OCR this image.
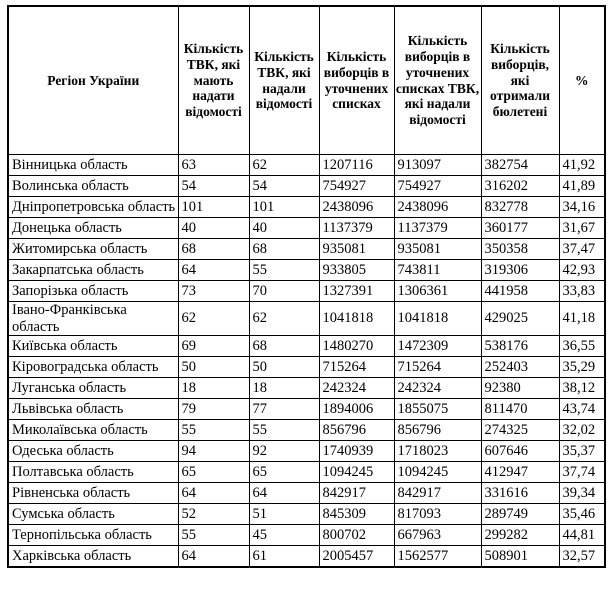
Регіон України	Кількість ТВК, які мають надати відомості	Кількість ТВК, які надали відомості	Кількість виборців в уточнених списках	Кількість виборців в уточнених списках ТВК, які надали відомості	Кількість виборців, які отримали бюлетені	%
Вінницька область	63	62	1207116	913097	382754	41,92
Волинська область	54	54	754927	754927	316202	41,89
Дніпропетровська область	101	101	2438096	2438096	832778	34,16
Донецька область	40	40	1137379	1137379	360177	31,67
Житомирська область	68	68	935081	935081	350358	37,47
Закарпатська область	64	55	933805	743811	319306	42,93
Запорізька область	73	70	1327391	1306361	441958	33,83
Івано-Франківська область	62	62	1041818	1041818	429025	41,18
Київська область	69	68	1480270	1472309	538176	36,55
Кіровоградська область	50	50	715264	715264	252403	35,29
Луганська область	18	18	242324	242324	92380	38,12
Львівська область	79	77	1894006	1855075	811470	43,74
Миколаївська область	55	55	856796	856796	274325	32,02
Одеська область	94	92	1740939	1718023	607646	35,37
Полтавська область	65	65	1094245	1094245	412947	37,74
Рівненська область	64	64	842917	842917	331616	39,34
Сумська область	52	51	845309	817093	289749	35,46
Тернопільська область	55	45	800702	667963	299282	44,81
Харківська область	64	61	2005457	1562577	508901	32,57
